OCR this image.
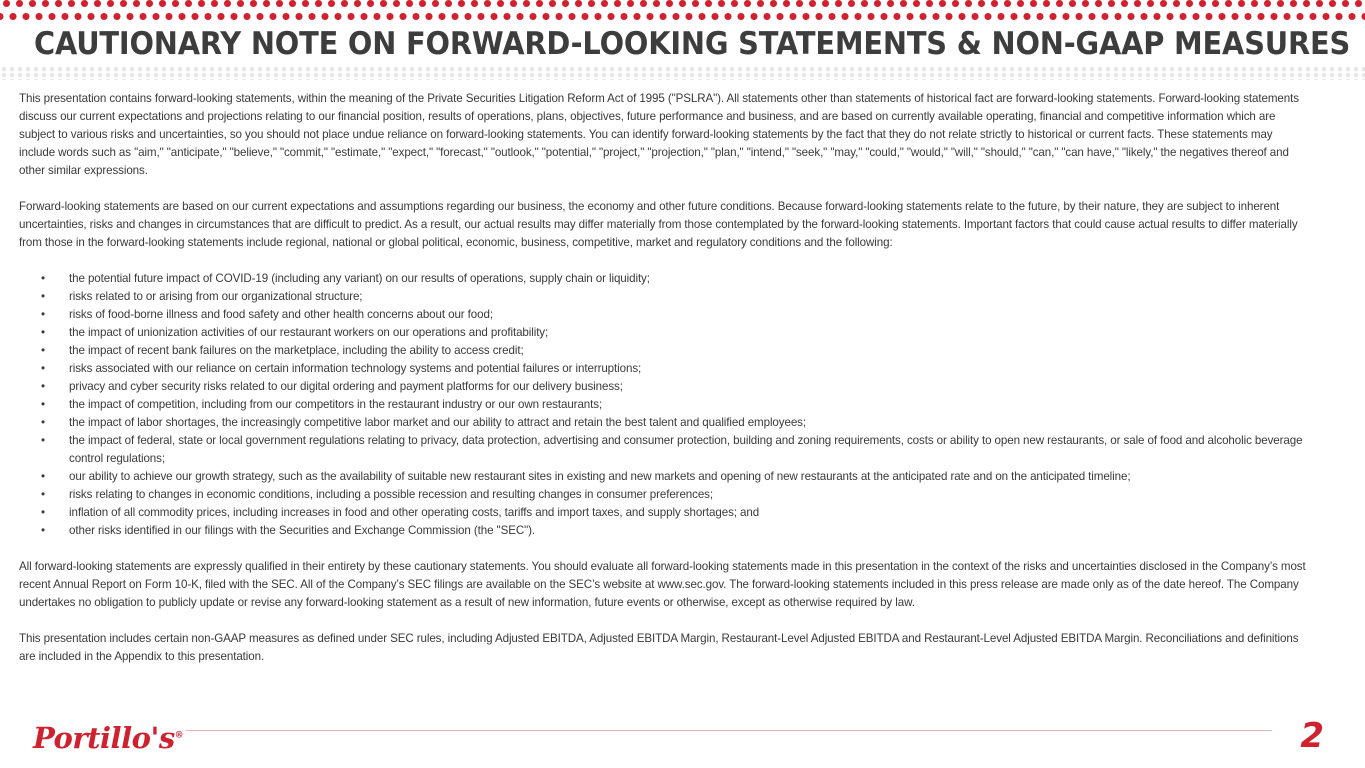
CAUTIONARY NOTE ON FORWARD-LOOKING STATEMENTS & NON-GAAP MEASURES

This presentation contains forward-looking statements, within the meaning of the Private Securities Litigation Reform Act of 1995 ("PSLRA"). All statements other than statements of historical fact are forward-looking statements. Forward-looking statements discuss our current expectations and projections relating to our financial position, results of operations, plans, objectives, future performance and business, and are based on currently available operating, financial and competitive information which are subject to various risks and uncertainties, so you should not place undue reliance on forward-looking statements. You can identify forward-looking statements by the fact that they do not relate strictly to historical or current facts. These statements may include words such as "aim," "anticipate," "believe," "commit," "estimate," "expect," "forecast," "outlook," "potential," "project," "projection," "plan," "intend," "seek," "may," "could," "would," "will," "should," "can," "can have," "likely," the negatives thereof and other similar expressions.

Forward-looking statements are based on our current expectations and assumptions regarding our business, the economy and other future conditions. Because forward-looking statements relate to the future, by their nature, they are subject to inherent uncertainties, risks and changes in circumstances that are difficult to predict. As a result, our actual results may differ materially from those contemplated by the forward-looking statements. Important factors that could cause actual results to differ materially from those in the forward-looking statements include regional, national or global political, economic, business, competitive, market and regulatory conditions and the following:

• the potential future impact of COVID-19 (including any variant) on our results of operations, supply chain or liquidity;
• risks related to or arising from our organizational structure;
• risks of food-borne illness and food safety and other health concerns about our food;
• the impact of unionization activities of our restaurant workers on our operations and profitability;
• the impact of recent bank failures on the marketplace, including the ability to access credit;
• risks associated with our reliance on certain information technology systems and potential failures or interruptions;
• privacy and cyber security risks related to our digital ordering and payment platforms for our delivery business;
• the impact of competition, including from our competitors in the restaurant industry or our own restaurants;
• the impact of labor shortages, the increasingly competitive labor market and our ability to attract and retain the best talent and qualified employees;
• the impact of federal, state or local government regulations relating to privacy, data protection, advertising and consumer protection, building and zoning requirements, costs or ability to open new restaurants, or sale of food and alcoholic beverage control regulations;
• our ability to achieve our growth strategy, such as the availability of suitable new restaurant sites in existing and new markets and opening of new restaurants at the anticipated rate and on the anticipated timeline;
• risks relating to changes in economic conditions, including a possible recession and resulting changes in consumer preferences;
• inflation of all commodity prices, including increases in food and other operating costs, tariffs and import taxes, and supply shortages; and
• other risks identified in our filings with the Securities and Exchange Commission (the "SEC").

All forward-looking statements are expressly qualified in their entirety by these cautionary statements. You should evaluate all forward-looking statements made in this presentation in the context of the risks and uncertainties disclosed in the Company’s most recent Annual Report on Form 10-K, filed with the SEC. All of the Company’s SEC filings are available on the SEC’s website at www.sec.gov. The forward-looking statements included in this press release are made only as of the date hereof. The Company undertakes no obligation to publicly update or revise any forward-looking statement as a result of new information, future events or otherwise, except as otherwise required by law.

This presentation includes certain non-GAAP measures as defined under SEC rules, including Adjusted EBITDA, Adjusted EBITDA Margin, Restaurant-Level Adjusted EBITDA and Restaurant-Level Adjusted EBITDA Margin. Reconciliations and definitions are included in the Appendix to this presentation.

Portillo's®	2
